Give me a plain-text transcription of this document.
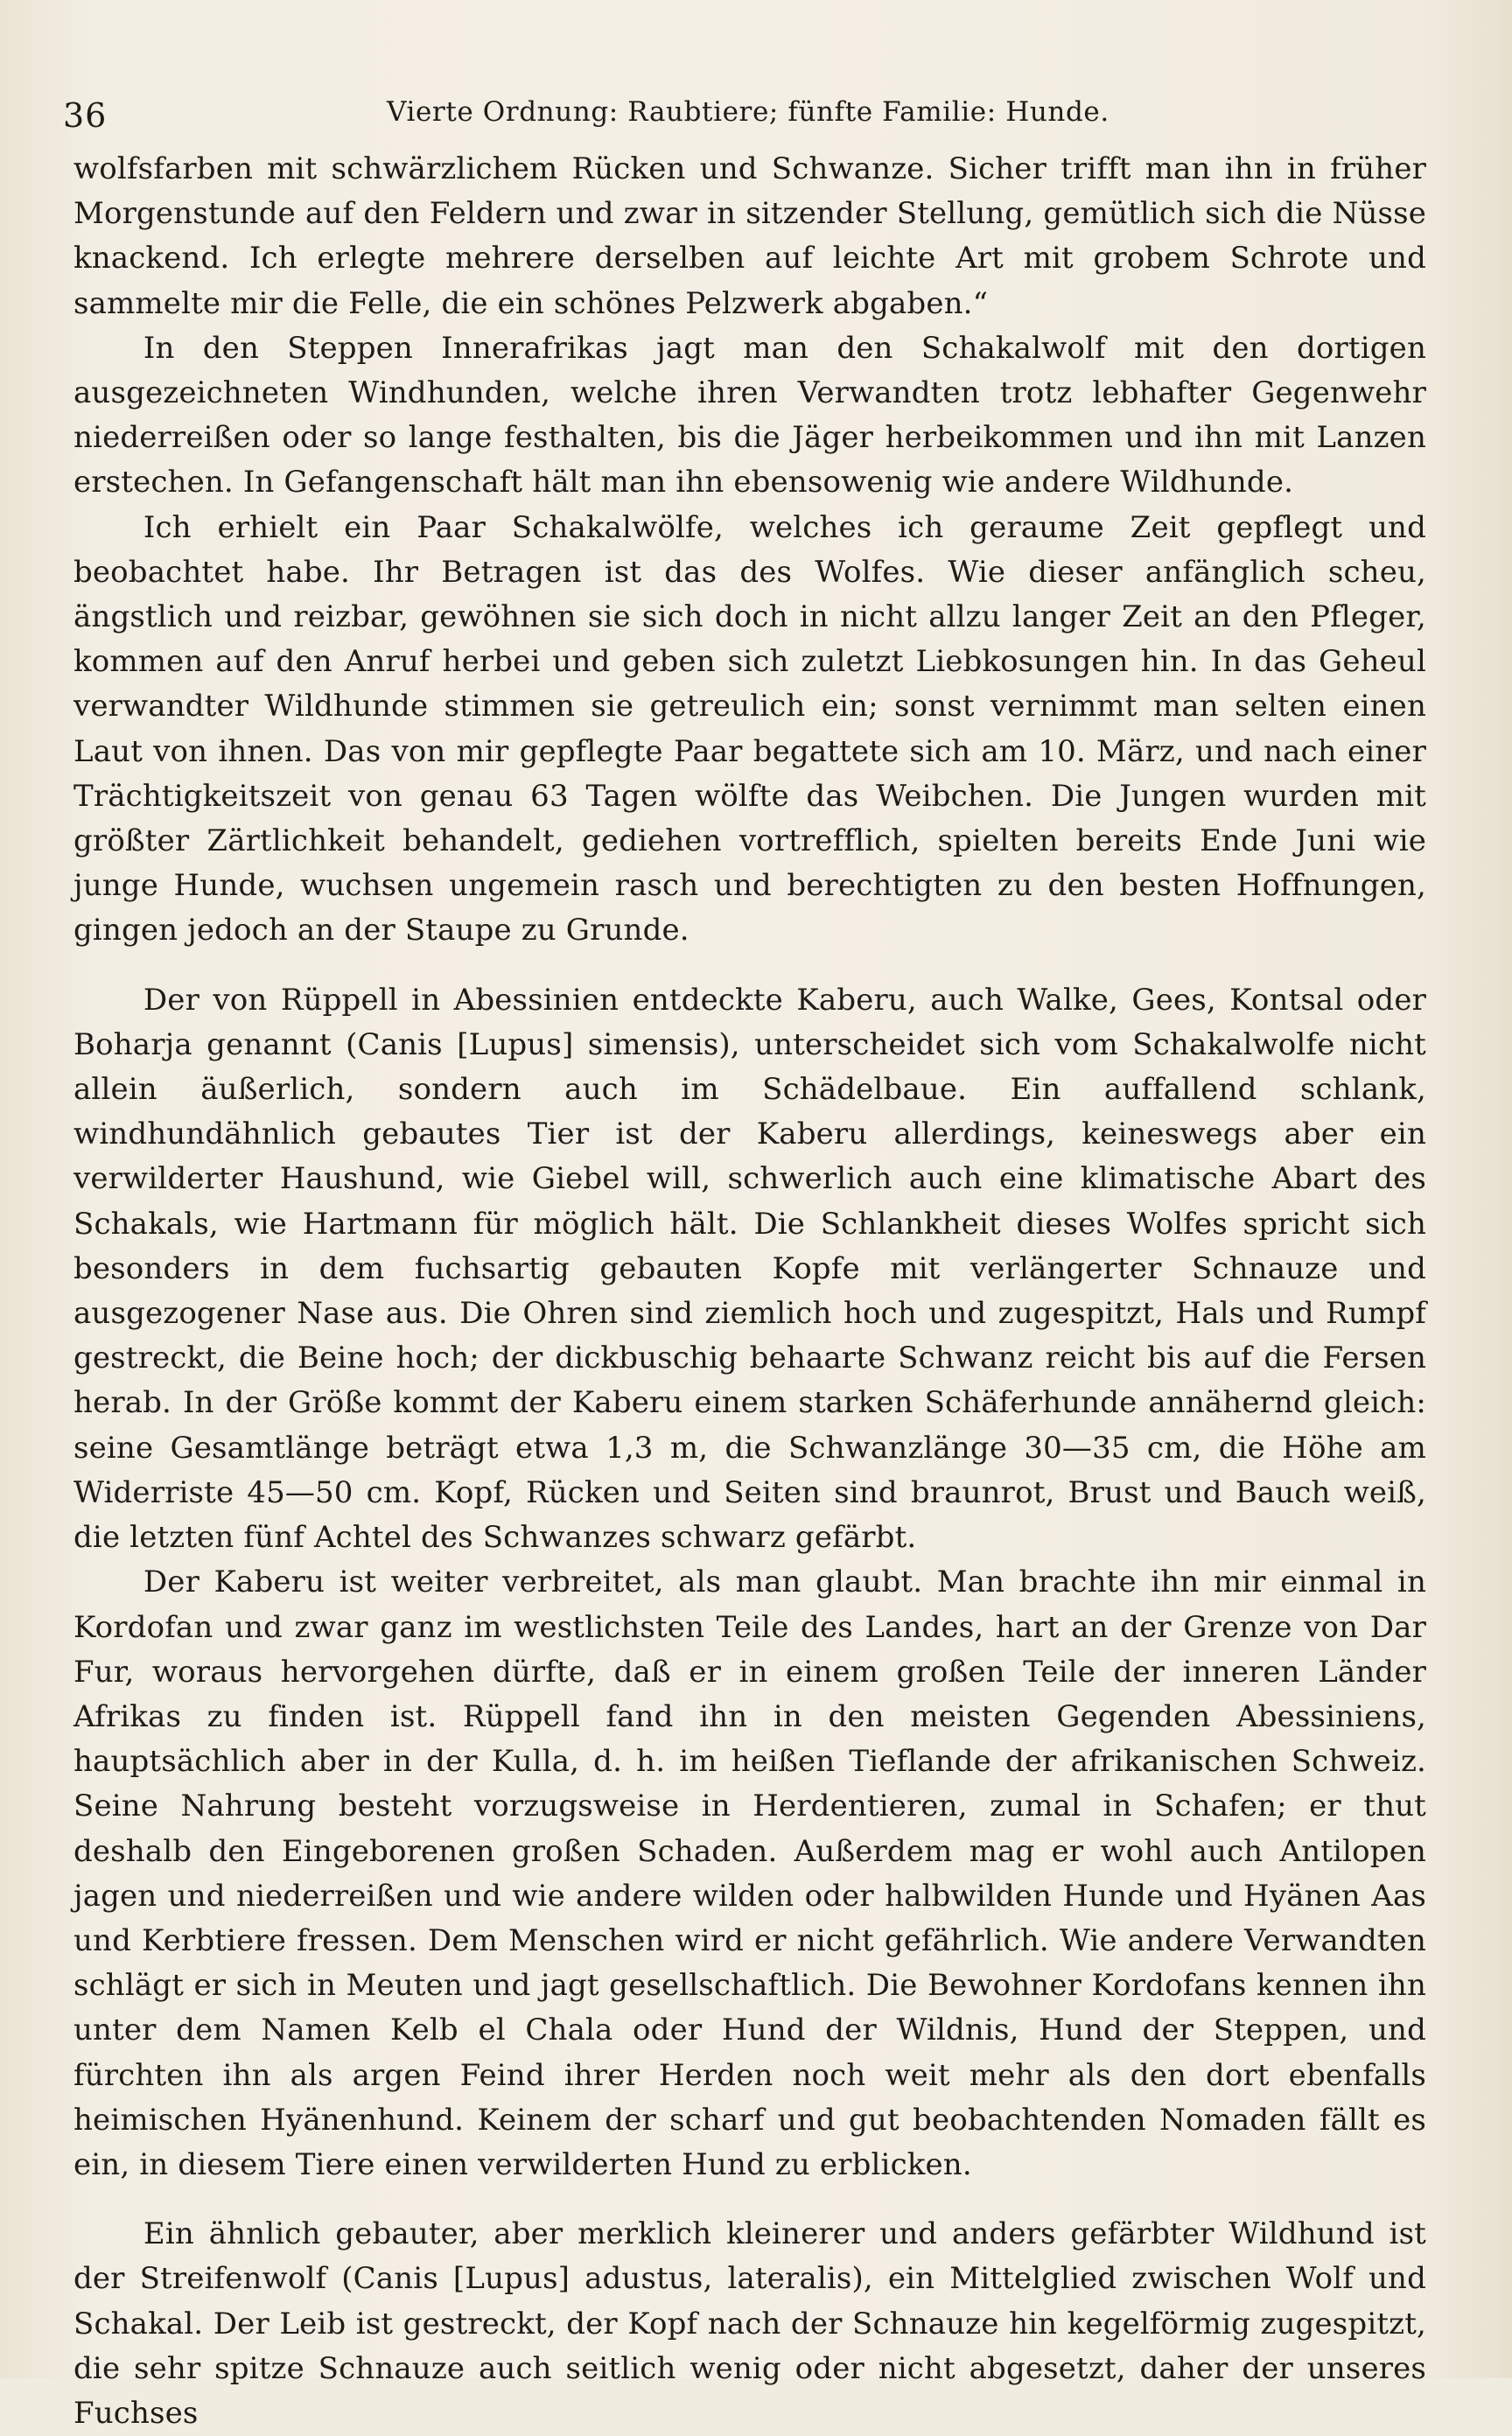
36	Vierte Ordnung: Raubtiere; fünfte Familie: Hunde.

wolfsfarben mit schwärzlichem Rücken und Schwanze. Sicher trifft man ihn in früher Morgenstunde auf den Feldern und zwar in sitzender Stellung, gemütlich sich die Nüsse knackend. Ich erlegte mehrere derselben auf leichte Art mit grobem Schrote und sammelte mir die Felle, die ein schönes Pelzwerk abgaben.“

In den Steppen Innerafrikas jagt man den Schakalwolf mit den dortigen ausgezeichneten Windhunden, welche ihren Verwandten trotz lebhafter Gegenwehr niederreißen oder so lange festhalten, bis die Jäger herbeikommen und ihn mit Lanzen erstechen. In Gefangenschaft hält man ihn ebensowenig wie andere Wildhunde.

Ich erhielt ein Paar Schakalwölfe, welches ich geraume Zeit gepflegt und beobachtet habe. Ihr Betragen ist das des Wolfes. Wie dieser anfänglich scheu, ängstlich und reizbar, gewöhnen sie sich doch in nicht allzu langer Zeit an den Pfleger, kommen auf den Anruf herbei und geben sich zuletzt Liebkosungen hin. In das Geheul verwandter Wildhunde stimmen sie getreulich ein; sonst vernimmt man selten einen Laut von ihnen. Das von mir gepflegte Paar begattete sich am 10. März, und nach einer Trächtigkeitszeit von genau 63 Tagen wölfte das Weibchen. Die Jungen wurden mit größter Zärtlichkeit behandelt, gediehen vortrefflich, spielten bereits Ende Juni wie junge Hunde, wuchsen ungemein rasch und berechtigten zu den besten Hoffnungen, gingen jedoch an der Staupe zu Grunde.

Der von Rüppell in Abessinien entdeckte Kaberu, auch Walke, Gees, Kontsal oder Boharja genannt (Canis [Lupus] simensis), unterscheidet sich vom Schakalwolfe nicht allein äußerlich, sondern auch im Schädelbaue. Ein auffallend schlank, windhundähnlich gebautes Tier ist der Kaberu allerdings, keineswegs aber ein verwilderter Haushund, wie Giebel will, schwerlich auch eine klimatische Abart des Schakals, wie Hartmann für möglich hält. Die Schlankheit dieses Wolfes spricht sich besonders in dem fuchsartig gebauten Kopfe mit verlängerter Schnauze und ausgezogener Nase aus. Die Ohren sind ziemlich hoch und zugespitzt, Hals und Rumpf gestreckt, die Beine hoch; der dickbuschig behaarte Schwanz reicht bis auf die Fersen herab. In der Größe kommt der Kaberu einem starken Schäferhunde annähernd gleich: seine Gesamtlänge beträgt etwa 1,3 m, die Schwanzlänge 30—35 cm, die Höhe am Widerriste 45—50 cm. Kopf, Rücken und Seiten sind braunrot, Brust und Bauch weiß, die letzten fünf Achtel des Schwanzes schwarz gefärbt.

Der Kaberu ist weiter verbreitet, als man glaubt. Man brachte ihn mir einmal in Kordofan und zwar ganz im westlichsten Teile des Landes, hart an der Grenze von Dar Fur, woraus hervorgehen dürfte, daß er in einem großen Teile der inneren Länder Afrikas zu finden ist. Rüppell fand ihn in den meisten Gegenden Abessiniens, hauptsächlich aber in der Kulla, d. h. im heißen Tieflande der afrikanischen Schweiz. Seine Nahrung besteht vorzugsweise in Herdentieren, zumal in Schafen; er thut deshalb den Eingeborenen großen Schaden. Außerdem mag er wohl auch Antilopen jagen und niederreißen und wie andere wilden oder halbwilden Hunde und Hyänen Aas und Kerbtiere fressen. Dem Menschen wird er nicht gefährlich. Wie andere Verwandten schlägt er sich in Meuten und jagt gesellschaftlich. Die Bewohner Kordofans kennen ihn unter dem Namen Kelb el Chala oder Hund der Wildnis, Hund der Steppen, und fürchten ihn als argen Feind ihrer Herden noch weit mehr als den dort ebenfalls heimischen Hyänenhund. Keinem der scharf und gut beobachtenden Nomaden fällt es ein, in diesem Tiere einen verwilderten Hund zu erblicken.

Ein ähnlich gebauter, aber merklich kleinerer und anders gefärbter Wildhund ist der Streifenwolf (Canis [Lupus] adustus, lateralis), ein Mittelglied zwischen Wolf und Schakal. Der Leib ist gestreckt, der Kopf nach der Schnauze hin kegelförmig zugespitzt, die sehr spitze Schnauze auch seitlich wenig oder nicht abgesetzt, daher der unseres Fuchses
